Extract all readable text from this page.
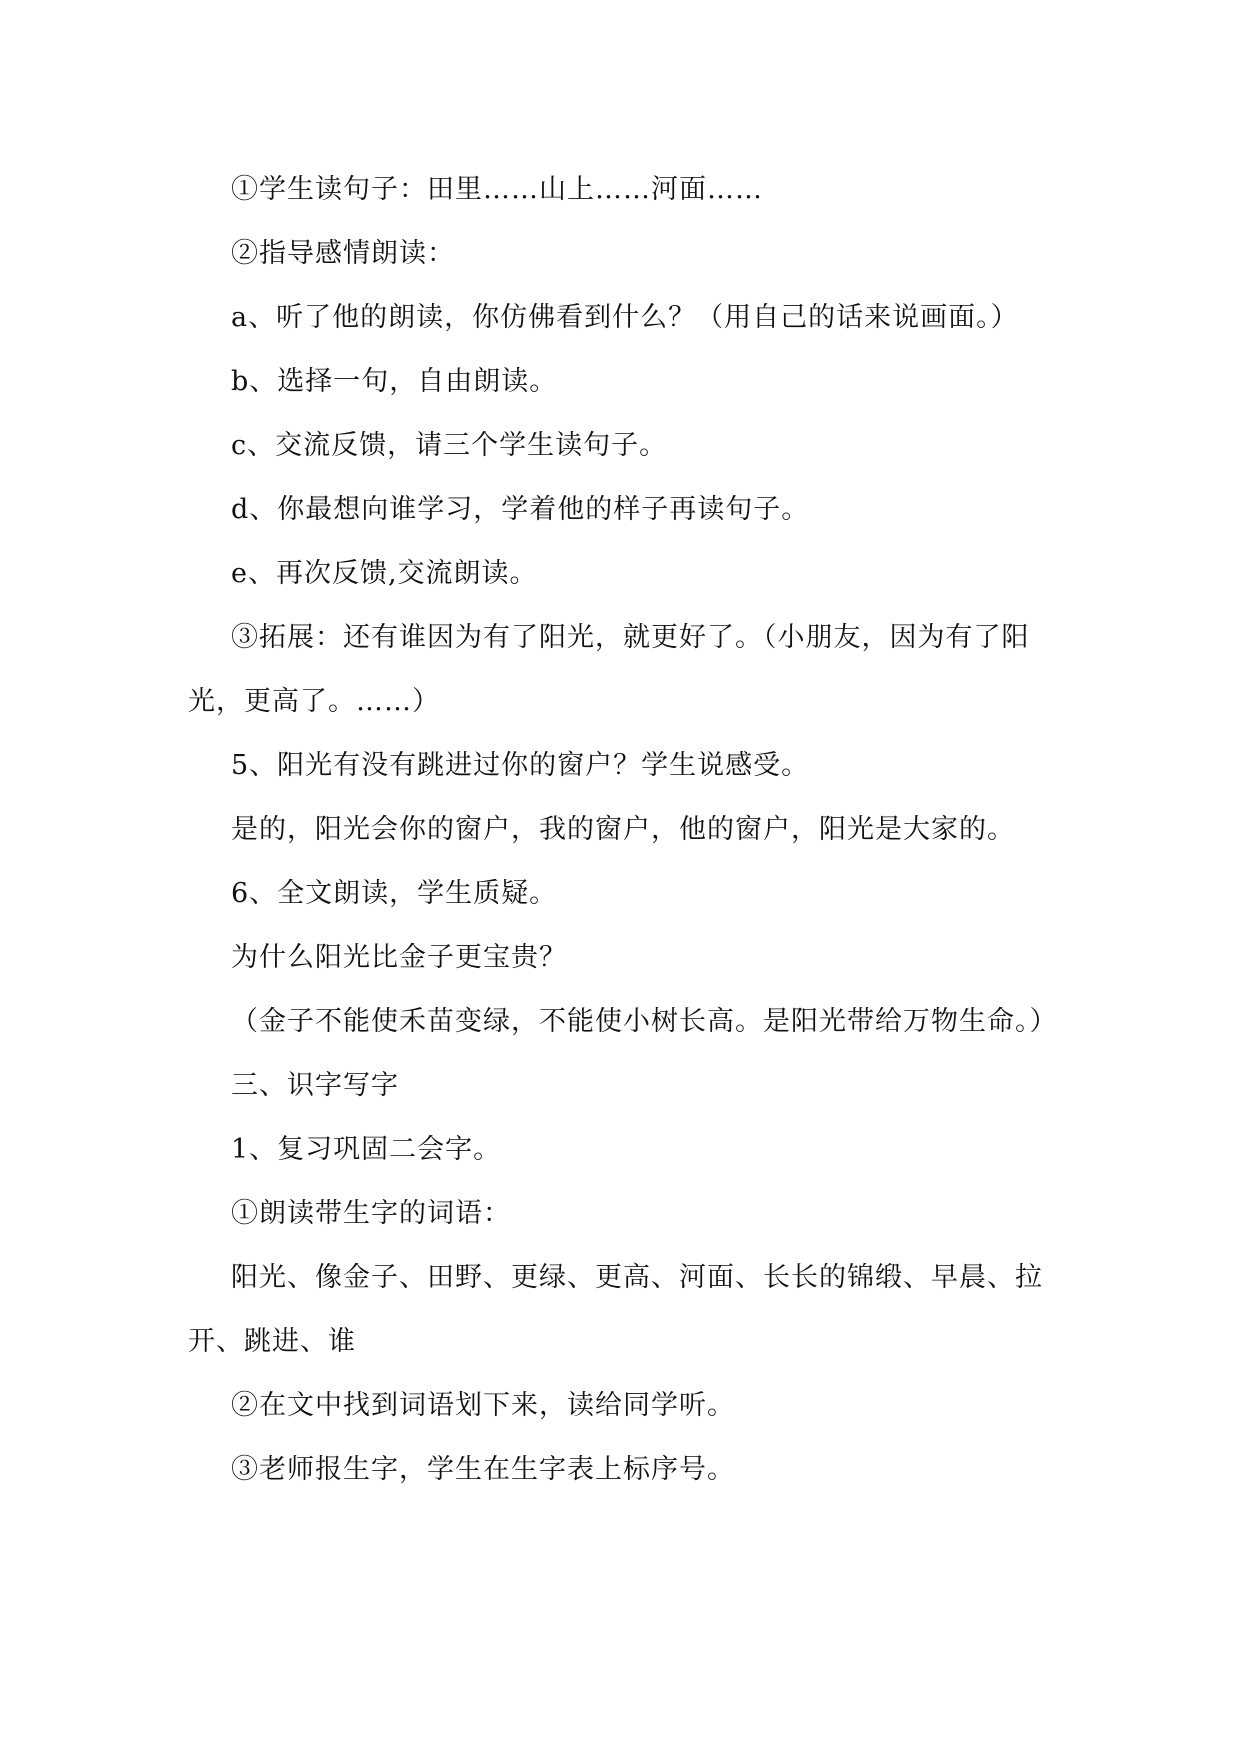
①学生读句子：田里……山上……河面……

②指导感情朗读：

a、听了他的朗读，你仿佛看到什么？（用自己的话来说画面。）

b、选择一句，自由朗读。

c、交流反馈，请三个学生读句子。

d、你最想向谁学习，学着他的样子再读句子。

e、再次反馈,交流朗读。

③拓展：还有谁因为有了阳光，就更好了。（小朋友，因为有了阳光，更高了。……）

5、阳光有没有跳进过你的窗户？学生说感受。

是的，阳光会你的窗户，我的窗户，他的窗户，阳光是大家的。

6、全文朗读，学生质疑。

为什么阳光比金子更宝贵？

（金子不能使禾苗变绿，不能使小树长高。是阳光带给万物生命。）

三、识字写字

1、复习巩固二会字。

①朗读带生字的词语：

阳光、像金子、田野、更绿、更高、河面、长长的锦缎、早晨、拉开、跳进、谁

②在文中找到词语划下来，读给同学听。

③老师报生字，学生在生字表上标序号。
